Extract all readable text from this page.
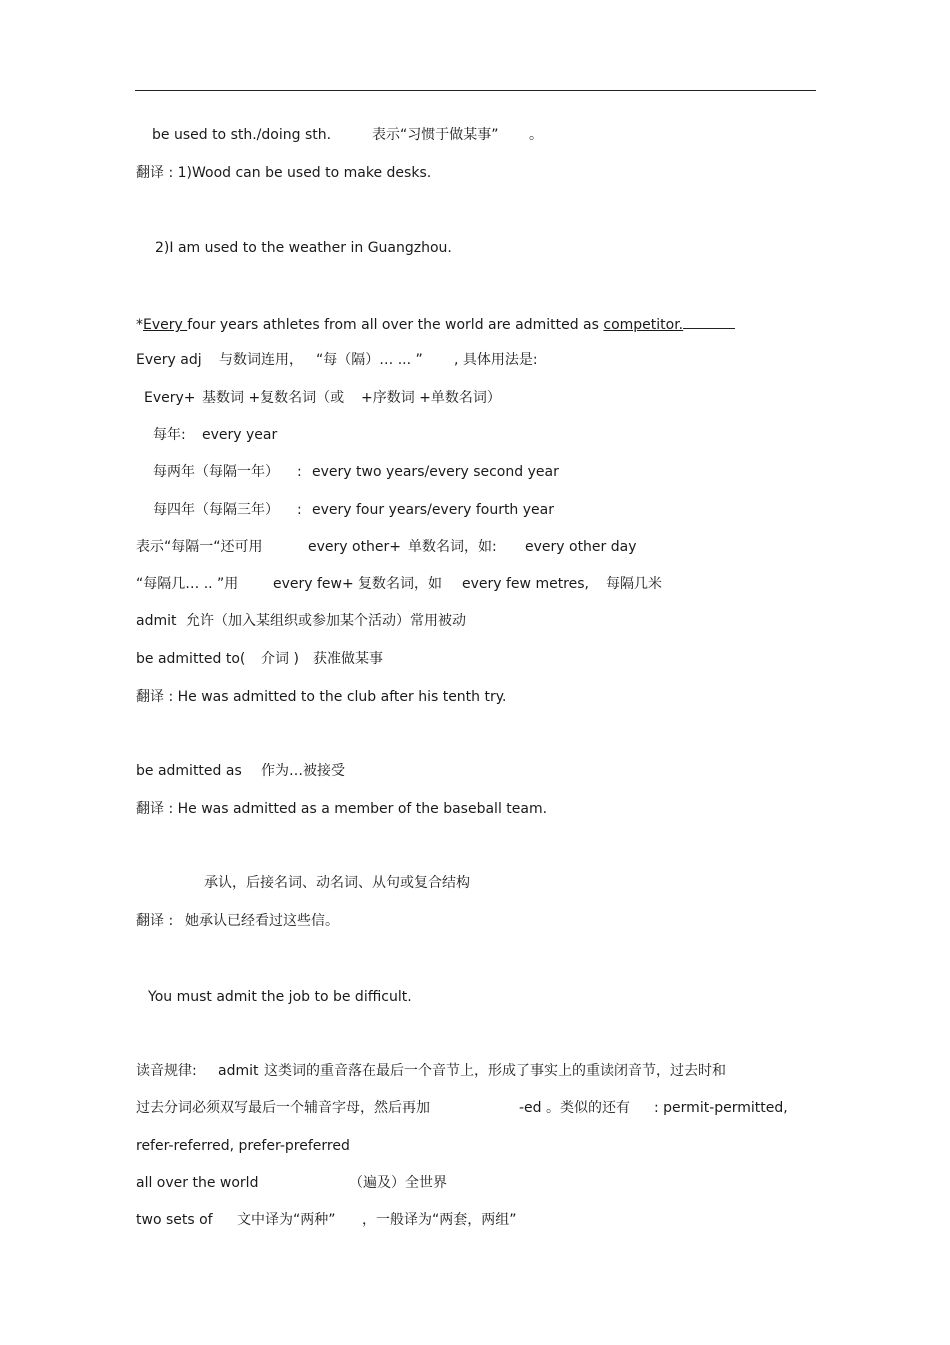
be used to sth./doing sth.	表示“习惯于做某事” 。
翻译 : 1)Wood can be used to make desks.
2)I am used to the weather in Guangzhou.
*Every four years athletes from all over the world are admitted as competitor.
Every adj 与数词连用， “每（隔）… ... ” , 具体用法是:
Every+ 基数词 +复数名词（或 +序数词 +单数名词）
每年: every year
每两年（每隔一年） : every two years/every second year
每四年（每隔三年） : every four years/every fourth year
表示“每隔一“还可用	every other+ 单数名词，如: every other day
“每隔几… .. ”用 every few+ 复数名词，如 every few metres, 每隔几米
admit 允许（加入某组织或参加某个活动）常用被动
be admitted to( 介词 ) 获准做某事
翻译 : He was admitted to the club after his tenth try.
be admitted as 作为…被接受
翻译 : He was admitted as a member of the baseball team.
承认，后接名词、动名词、从句或复合结构
翻译 : 她承认已经看过这些信。
You must admit the job to be difficult.
读音规律: admit 这类词的重音落在最后一个音节上，形成了事实上的重读闭音节，过去时和
过去分词必须双写最后一个辅音字母，然后再加	-ed 。类似的还有 : permit-permitted,
refer-referred, prefer-preferred
all over the world	（遍及）全世界
two sets of 文中译为“两种” ，一般译为“两套，两组”
